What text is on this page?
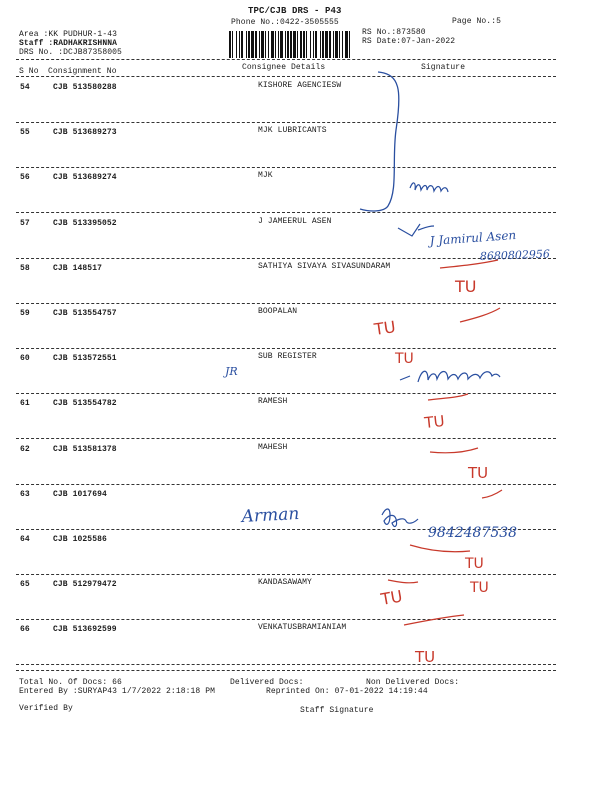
TPC/CJB DRS - P43
Phone No.:0422-3505555	Page No.:5
Area :KK PUDHUR-1-43
Staff :RADHAKRISHNNA
DRS No. :DCJB87358005
RS No.:873580
RS Date:07-Jan-2022
S No Consignment No	Consignee Details	Signature
54	CJB 513580288	KISHORE AGENCIESW
55	CJB 513689273	MJK LUBRICANTS
56	CJB 513689274	MJK
57	CJB 513395052	J JAMEERUL ASEN
58	CJB 148517	SATHIYA SIVAYA SIVASUNDARAM
59	CJB 513554757	BOOPALAN
60	CJB 513572551	SUB REGISTER
61	CJB 513554782	RAMESH
62	CJB 513581378	MAHESH
63	CJB 1017694
64	CJB 1025586
65	CJB 512979472	KANDASAWAMY
66	CJB 513692599	VENKATUSBRAMIANIAM
Total No. Of Docs: 66	Delivered Docs:	Non Delivered Docs:
Entered By :SURYAP43 1/7/2022 2:18:18 PM	Reprinted On: 07-01-2022 14:19:44
Verified By	Staff Signature
J Jamirul Asen
8680802956
TU
TU
TU
JR
TU
TU
Arman
9842487538
TU
TU	TU
TU
